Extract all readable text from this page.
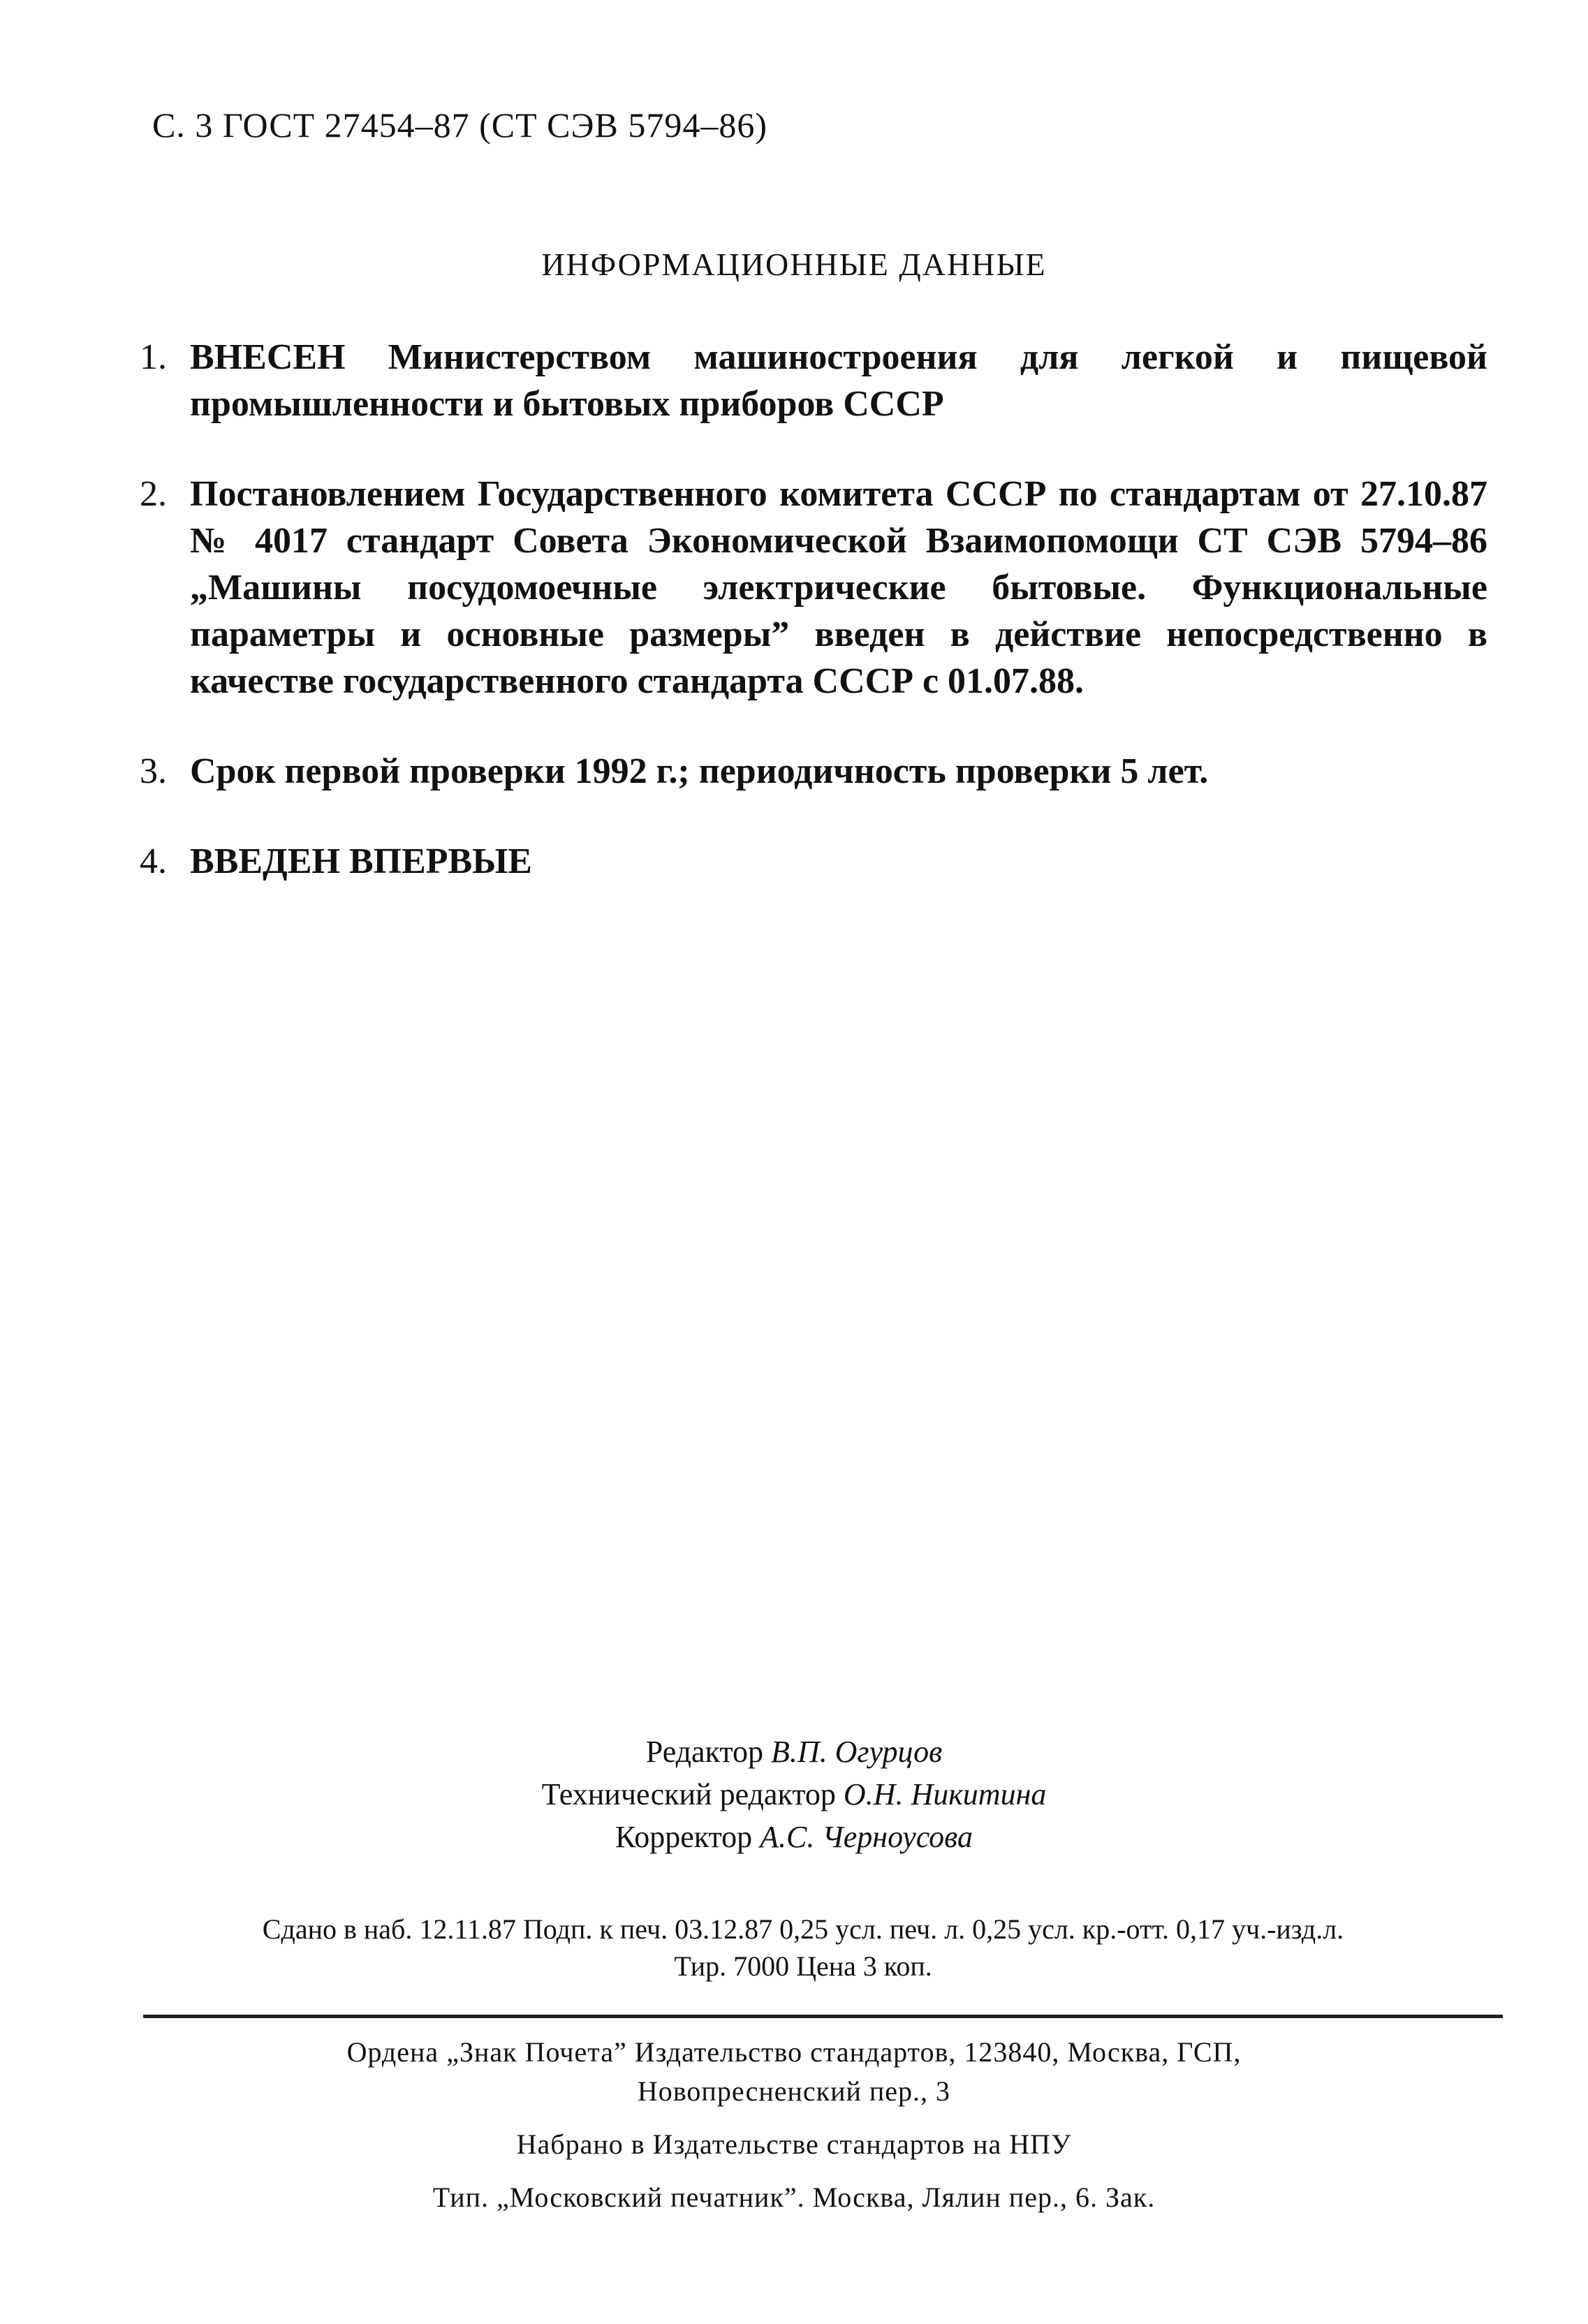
С. 3 ГОСТ 27454–87 (СТ СЭВ 5794–86)
ИНФОРМАЦИОННЫЕ ДАННЫЕ
1. ВНЕСЕН Министерством машиностроения для легкой и пищевой промышленности и бытовых приборов СССР
2. Постановлением Государственного комитета СССР по стандартам от 27.10.87 № 4017 стандарт Совета Экономической Взаимопомощи СТ СЭВ 5794–86 „Машины посудомоечные электрические бытовые. Функциональные параметры и основные размеры” введен в действие непосредственно в качестве государственного стандарта СССР с 01.07.88.
3. Срок первой проверки 1992 г.; периодичность проверки 5 лет.
4. ВВЕДЕН ВПЕРВЫЕ
Редактор В.П. Огурцов
Технический редактор О.Н. Никитина
Корректор А.С. Черноусова
Сдано в наб. 12.11.87 Подп. к печ. 03.12.87 0,25 усл. печ. л. 0,25 усл. кр.-отт. 0,17 уч.-изд.л.
Тир. 7000 Цена 3 коп.
Ордена „Знак Почета” Издательство стандартов, 123840, Москва, ГСП,
Новопресненский пер., 3
Набрано в Издательстве стандартов на НПУ
Тип. „Московский печатник”. Москва, Лялин пер., 6. Зак.
